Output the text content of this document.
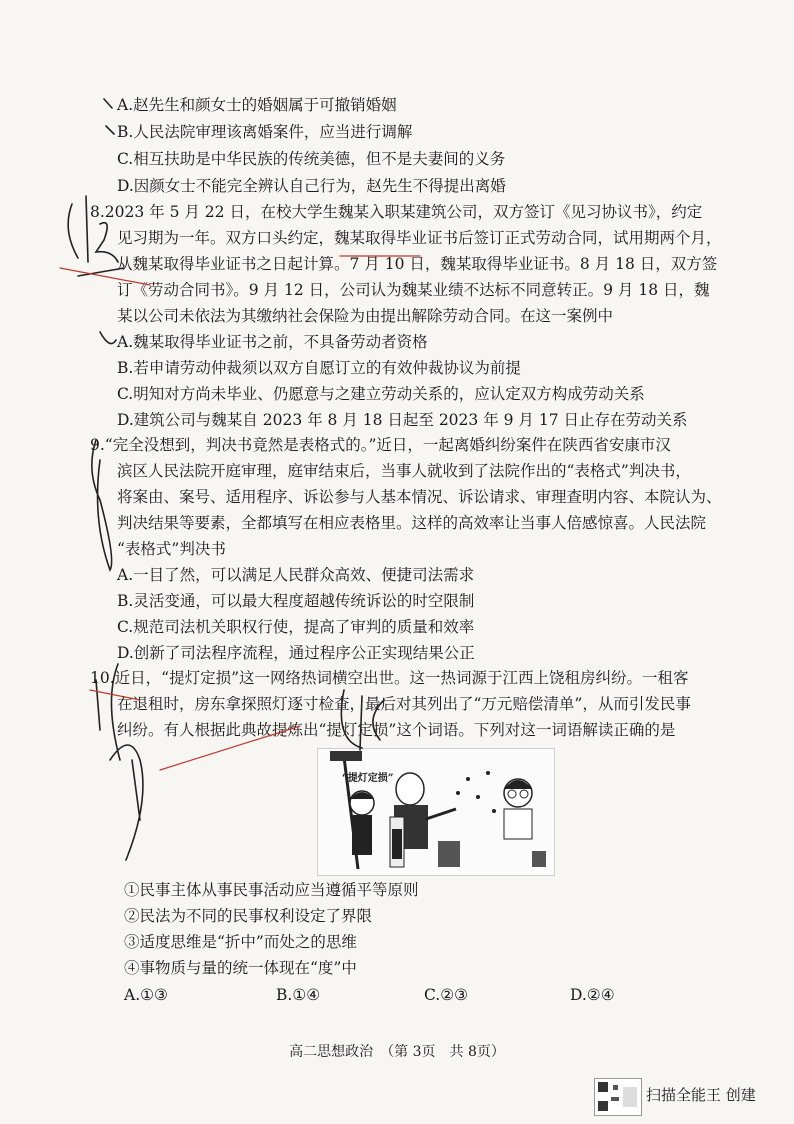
A.赵先生和颜女士的婚姻属于可撤销婚姻
B.人民法院审理该离婚案件，应当进行调解
C.相互扶助是中华民族的传统美德，但不是夫妻间的义务
D.因颜女士不能完全辨认自己行为，赵先生不得提出离婚
8.2023 年 5 月 22 日，在校大学生魏某入职某建筑公司，双方签订《见习协议书》，约定
见习期为一年。双方口头约定，魏某取得毕业证书后签订正式劳动合同，试用期两个月，
从魏某取得毕业证书之日起计算。7 月 10 日，魏某取得毕业证书。8 月 18 日，双方签
订《劳动合同书》。9 月 12 日，公司认为魏某业绩不达标不同意转正。9 月 18 日，魏
某以公司未依法为其缴纳社会保险为由提出解除劳动合同。在这一案例中
A.魏某取得毕业证书之前，不具备劳动者资格
B.若申请劳动仲裁须以双方自愿订立的有效仲裁协议为前提
C.明知对方尚未毕业、仍愿意与之建立劳动关系的，应认定双方构成劳动关系
D.建筑公司与魏某自 2023 年 8 月 18 日起至 2023 年 9 月 17 日止存在劳动关系
9.“完全没想到，判决书竟然是表格式的。”近日，一起离婚纠纷案件在陕西省安康市汉
滨区人民法院开庭审理，庭审结束后，当事人就收到了法院作出的“表格式”判决书，
将案由、案号、适用程序、诉讼参与人基本情况、诉讼请求、审理查明内容、本院认为、
判决结果等要素，全都填写在相应表格里。这样的高效率让当事人倍感惊喜。人民法院
“表格式”判决书
A.一目了然，可以满足人民群众高效、便捷司法需求
B.灵活变通，可以最大程度超越传统诉讼的时空限制
C.规范司法机关职权行使，提高了审判的质量和效率
D.创新了司法程序流程，通过程序公正实现结果公正
10.近日，“提灯定损”这一网络热词横空出世。这一热词源于江西上饶租房纠纷。一租客
在退租时，房东拿探照灯逐寸检查，最后对其列出了“万元赔偿清单”，从而引发民事
纠纷。有人根据此典故提炼出“提灯定损”这个词语。下列对这一词语解读正确的是
“提灯定损”
①民事主体从事民事活动应当遵循平等原则
②民法为不同的民事权利设定了界限
③适度思维是“折中”而处之的思维
④事物质与量的统一体现在“度”中
A.①③	B.①④	C.②③	D.②④
高二思想政治　（第 3页　共 8页）
扫描全能王 创建
